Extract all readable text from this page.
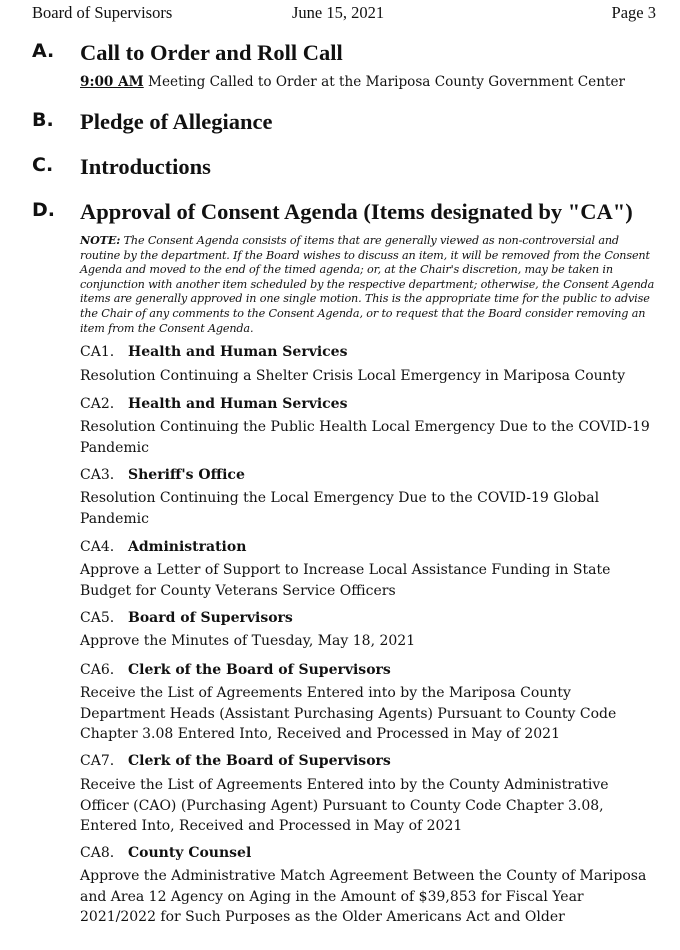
Board of Supervisors	June 15, 2021	Page 3
A. Call to Order and Roll Call
9:00 AM Meeting Called to Order at the Mariposa County Government Center
B. Pledge of Allegiance
C. Introductions
D. Approval of Consent Agenda (Items designated by "CA")
NOTE: The Consent Agenda consists of items that are generally viewed as non-controversial and routine by the department. If the Board wishes to discuss an item, it will be removed from the Consent Agenda and moved to the end of the timed agenda; or, at the Chair's discretion, may be taken in conjunction with another item scheduled by the respective department; otherwise, the Consent Agenda items are generally approved in one single motion. This is the appropriate time for the public to advise the Chair of any comments to the Consent Agenda, or to request that the Board consider removing an item from the Consent Agenda.
CA1. Health and Human Services
Resolution Continuing a Shelter Crisis Local Emergency in Mariposa County
CA2. Health and Human Services
Resolution Continuing the Public Health Local Emergency Due to the COVID-19 Pandemic
CA3. Sheriff's Office
Resolution Continuing the Local Emergency Due to the COVID-19 Global Pandemic
CA4. Administration
Approve a Letter of Support to Increase Local Assistance Funding in State Budget for County Veterans Service Officers
CA5. Board of Supervisors
Approve the Minutes of Tuesday, May 18, 2021
CA6. Clerk of the Board of Supervisors
Receive the List of Agreements Entered into by the Mariposa County Department Heads (Assistant Purchasing Agents) Pursuant to County Code Chapter 3.08 Entered Into, Received and Processed in May of 2021
CA7. Clerk of the Board of Supervisors
Receive the List of Agreements Entered into by the County Administrative Officer (CAO) (Purchasing Agent) Pursuant to County Code Chapter 3.08, Entered Into, Received and Processed in May of 2021
CA8. County Counsel
Approve the Administrative Match Agreement Between the County of Mariposa and Area 12 Agency on Aging in the Amount of $39,853 for Fiscal Year 2021/2022 for Such Purposes as the Older Americans Act and Older
